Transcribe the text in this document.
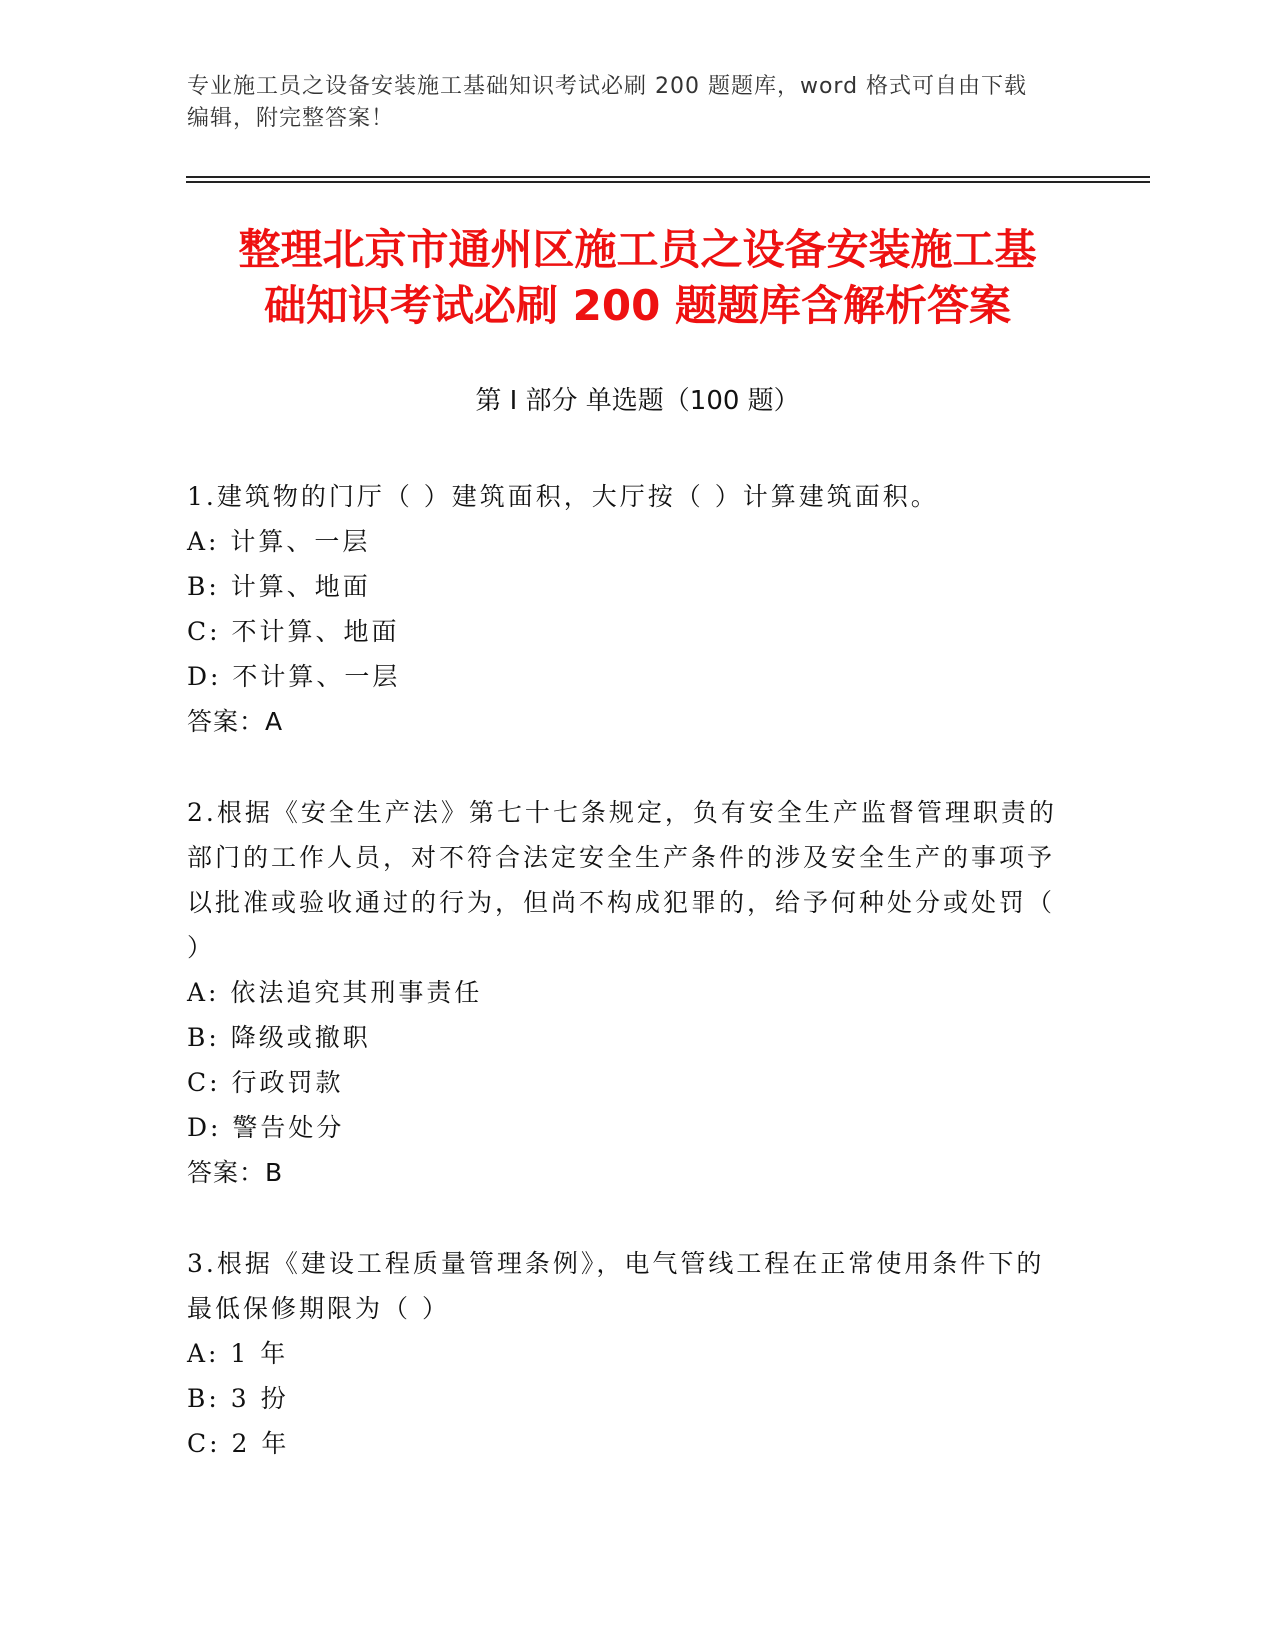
专业施工员之设备安装施工基础知识考试必刷 200 题题库，word 格式可自由下载
编辑，附完整答案！
整理北京市通州区施工员之设备安装施工基
础知识考试必刷 200 题题库含解析答案
第 I 部分 单选题（100 题）
1.建筑物的门厅（ ）建筑面积，大厅按（ ）计算建筑面积。
A: 计算、一层
B: 计算、地面
C: 不计算、地面
D: 不计算、一层
答案：A
2.根据《安全生产法》第七十七条规定，负有安全生产监督管理职责的部门的工作人员，对不符合法定安全生产条件的涉及安全生产的事项予以批准或验收通过的行为，但尚不构成犯罪的，给予何种处分或处罚（ ）
A: 依法追究其刑事责任
B: 降级或撤职
C: 行政罚款
D: 警告处分
答案：B
3.根据《建设工程质量管理条例》，电气管线工程在正常使用条件下的最低保修期限为（ ）
A: 1 年
B: 3 扮
C: 2 年
